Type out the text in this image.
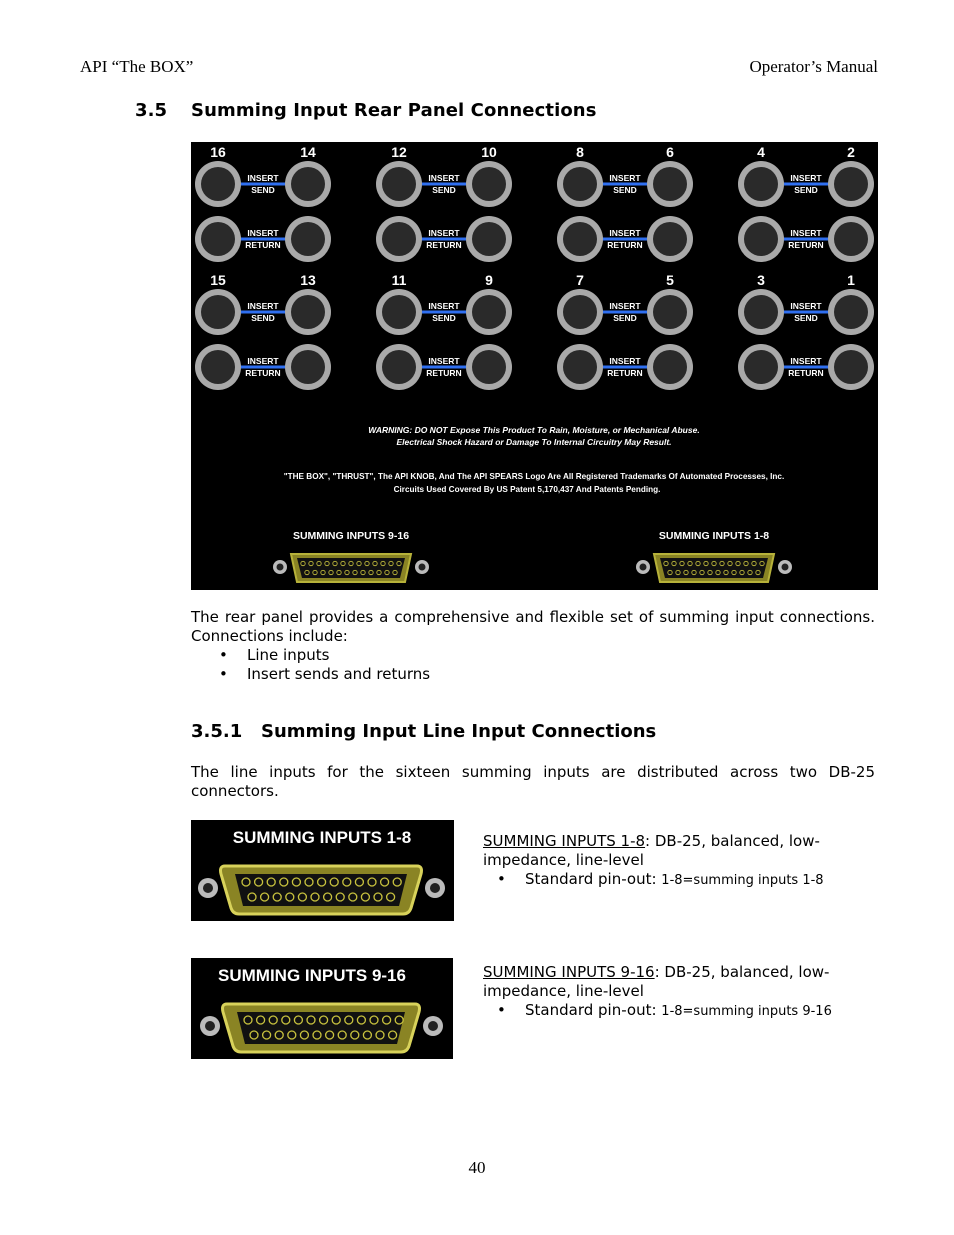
API “The BOX”	Operator’s Manual
3.5 Summing Input Rear Panel Connections
16	14	12	10	8	6	4	2
INSERT
SEND
INSERT
SEND
INSERT
SEND
INSERT
SEND
INSERT
RETURN
INSERT
RETURN
INSERT
RETURN
INSERT
RETURN
15	13	11	9	7	5	3	1
INSERT
SEND
INSERT
SEND
INSERT
SEND
INSERT
SEND
INSERT
RETURN
INSERT
RETURN
INSERT
RETURN
INSERT
RETURN
WARNING: DO NOT Expose This Product To Rain, Moisture, or Mechanical Abuse.
Electrical Shock Hazard or Damage To Internal Circuitry May Result.
"THE BOX", "THRUST", The API KNOB, And The API SPEARS Logo Are All Registered Trademarks Of Automated Processes, Inc.
Circuits Used Covered By US Patent 5,170,437 And Patents Pending.
SUMMING INPUTS 9-16	SUMMING INPUTS 1-8
The rear panel provides a comprehensive and flexible set of summing input connections. Connections include:
•	Line inputs
•	Insert sends and returns
3.5.1 Summing Input Line Input Connections
The line inputs for the sixteen summing inputs are distributed across two DB-25 connectors.
SUMMING INPUTS 1-8	SUMMING INPUTS 1-8: DB-25, balanced, low-impedance, line-level
•	Standard pin-out: 1-8=summing inputs 1-8
SUMMING INPUTS 9-16	SUMMING INPUTS 9-16: DB-25, balanced, low-impedance, line-level
•	Standard pin-out: 1-8=summing inputs 9-16
40
